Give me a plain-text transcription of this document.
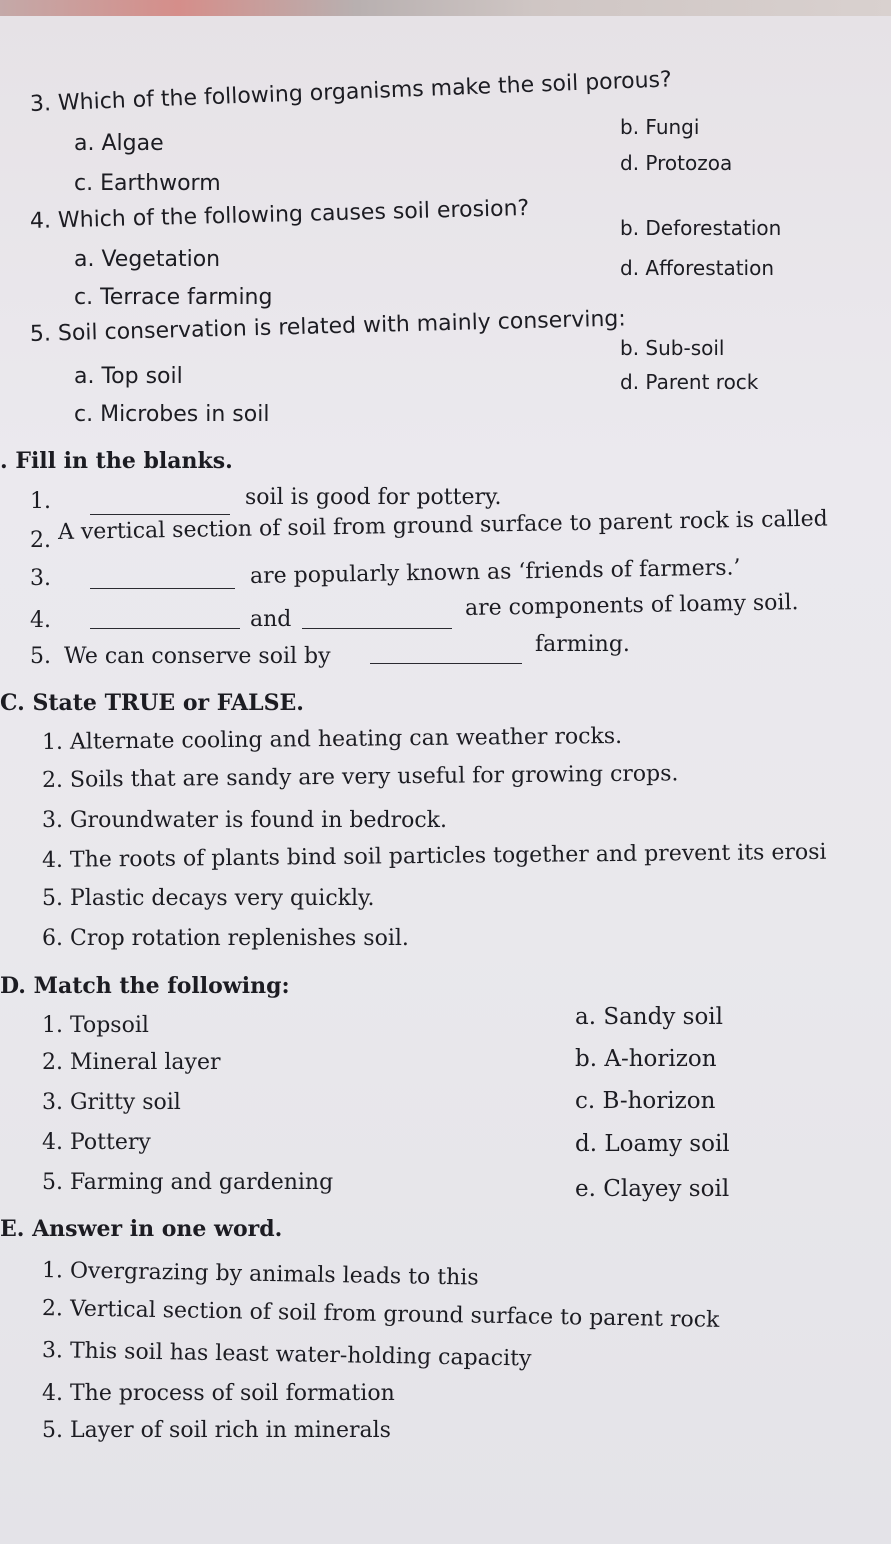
3. Which of the following organisms make the soil porous?
a. Algae
b. Fungi
c. Earthworm
d. Protozoa
4. Which of the following causes soil erosion?
a. Vegetation
b. Deforestation
c. Terrace farming
d. Afforestation
5. Soil conservation is related with mainly conserving:
a. Top soil
b. Sub-soil
c. Microbes in soil
d. Parent rock
. Fill in the blanks.
1.	soil is good for pottery.
2. A vertical section of soil from ground surface to parent rock is called
3.	are popularly known as ‘friends of farmers.’
4.	and	are components of loamy soil.
5. We can conserve soil by	farming.
C. State TRUE or FALSE.
1. Alternate cooling and heating can weather rocks.
2. Soils that are sandy are very useful for growing crops.
3. Groundwater is found in bedrock.
4. The roots of plants bind soil particles together and prevent its erosi
5. Plastic decays very quickly.
6. Crop rotation replenishes soil.
D. Match the following:
1. Topsoil
2. Mineral layer
3. Gritty soil
4. Pottery
5. Farming and gardening
a. Sandy soil
b. A-horizon
c. B-horizon
d. Loamy soil
e. Clayey soil
E. Answer in one word.
1. Overgrazing by animals leads to this
2. Vertical section of soil from ground surface to parent rock
3. This soil has least water-holding capacity
4. The process of soil formation
5. Layer of soil rich in minerals
